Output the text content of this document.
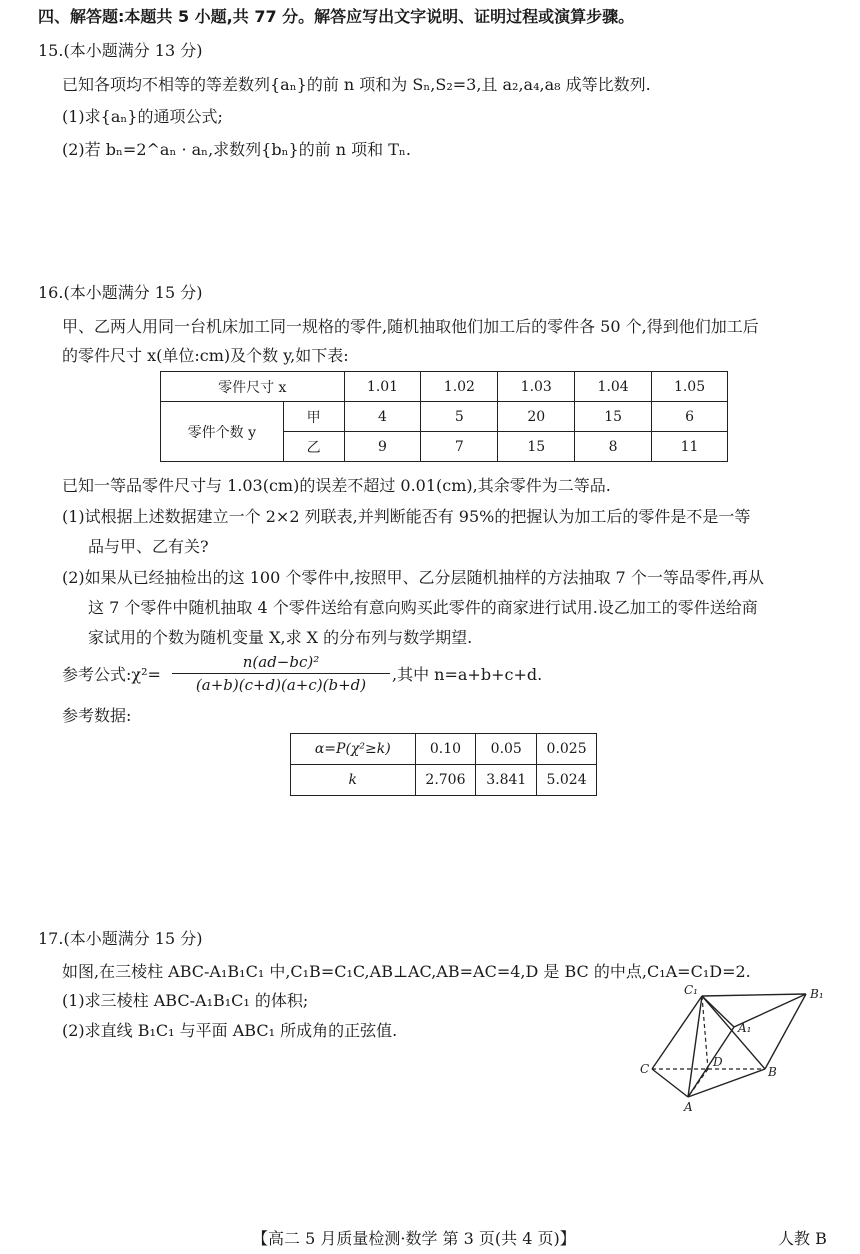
四、解答题:本题共 5 小题,共 77 分。解答应写出文字说明、证明过程或演算步骤。
15.(本小题满分 13 分)
已知各项均不相等的等差数列{aₙ}的前 n 项和为 Sₙ,S₂=3,且 a₂,a₄,a₈ 成等比数列.
(1)求{aₙ}的通项公式;
(2)若 bₙ=2^aₙ · aₙ,求数列{bₙ}的前 n 项和 Tₙ.
16.(本小题满分 15 分)
甲、乙两人用同一台机床加工同一规格的零件,随机抽取他们加工后的零件各 50 个,得到他们加工后
的零件尺寸 x(单位:cm)及个数 y,如下表:
零件尺寸 x		1.01	1.02	1.03	1.04	1.05
零件个数 y	甲	4	5	20	15	6
	乙	9	7	15	8	11
已知一等品零件尺寸与 1.03(cm)的误差不超过 0.01(cm),其余零件为二等品.
(1)试根据上述数据建立一个 2×2 列联表,并判断能否有 95%的把握认为加工后的零件是不是一等
品与甲、乙有关?
(2)如果从已经抽检出的这 100 个零件中,按照甲、乙分层随机抽样的方法抽取 7 个一等品零件,再从
这 7 个零件中随机抽取 4 个零件送给有意向购买此零件的商家进行试用.设乙加工的零件送给商
家试用的个数为随机变量 X,求 X 的分布列与数学期望.
参考公式:χ²=
n(ad−bc)²
(a+b)(c+d)(a+c)(b+d)
,其中 n=a+b+c+d.
参考数据:
α=P(χ²≥k)	0.10	0.05	0.025
k	2.706	3.841	5.024
17.(本小题满分 15 分)
如图,在三棱柱 ABC-A₁B₁C₁ 中,C₁B=C₁C,AB⊥AC,AB=AC=4,D 是 BC 的中点,C₁A=C₁D=2.
(1)求三棱柱 ABC-A₁B₁C₁ 的体积;
(2)求直线 B₁C₁ 与平面 ABC₁ 所成角的正弦值.
C₁	B₁
A₁
D
C	B
A
【高二 5 月质量检测·数学 第 3 页(共 4 页)】	人教 B
